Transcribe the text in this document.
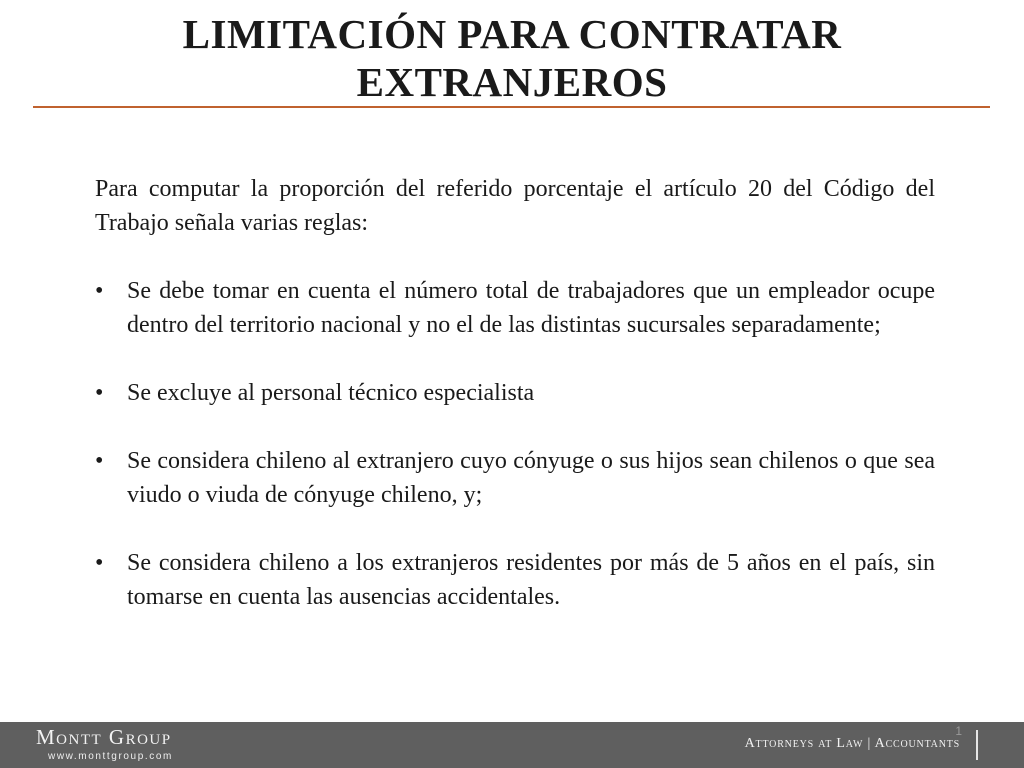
LIMITACIÓN PARA CONTRATAR
EXTRANJEROS

Para computar la proporción del referido porcentaje el artículo 20 del Código del Trabajo señala varias reglas:

• Se debe tomar en cuenta el número total de trabajadores que un empleador ocupe dentro del territorio nacional y no el de las distintas sucursales separadamente;
• Se excluye al personal técnico especialista
• Se considera chileno al extranjero cuyo cónyuge o sus hijos sean chilenos o que sea viudo o viuda de cónyuge chileno, y;
• Se considera chileno a los extranjeros residentes por más de 5 años en el país, sin tomarse en cuenta las ausencias accidentales.
Montt Group
www.monttgroup.com
1
Attorneys at Law | Accountants
